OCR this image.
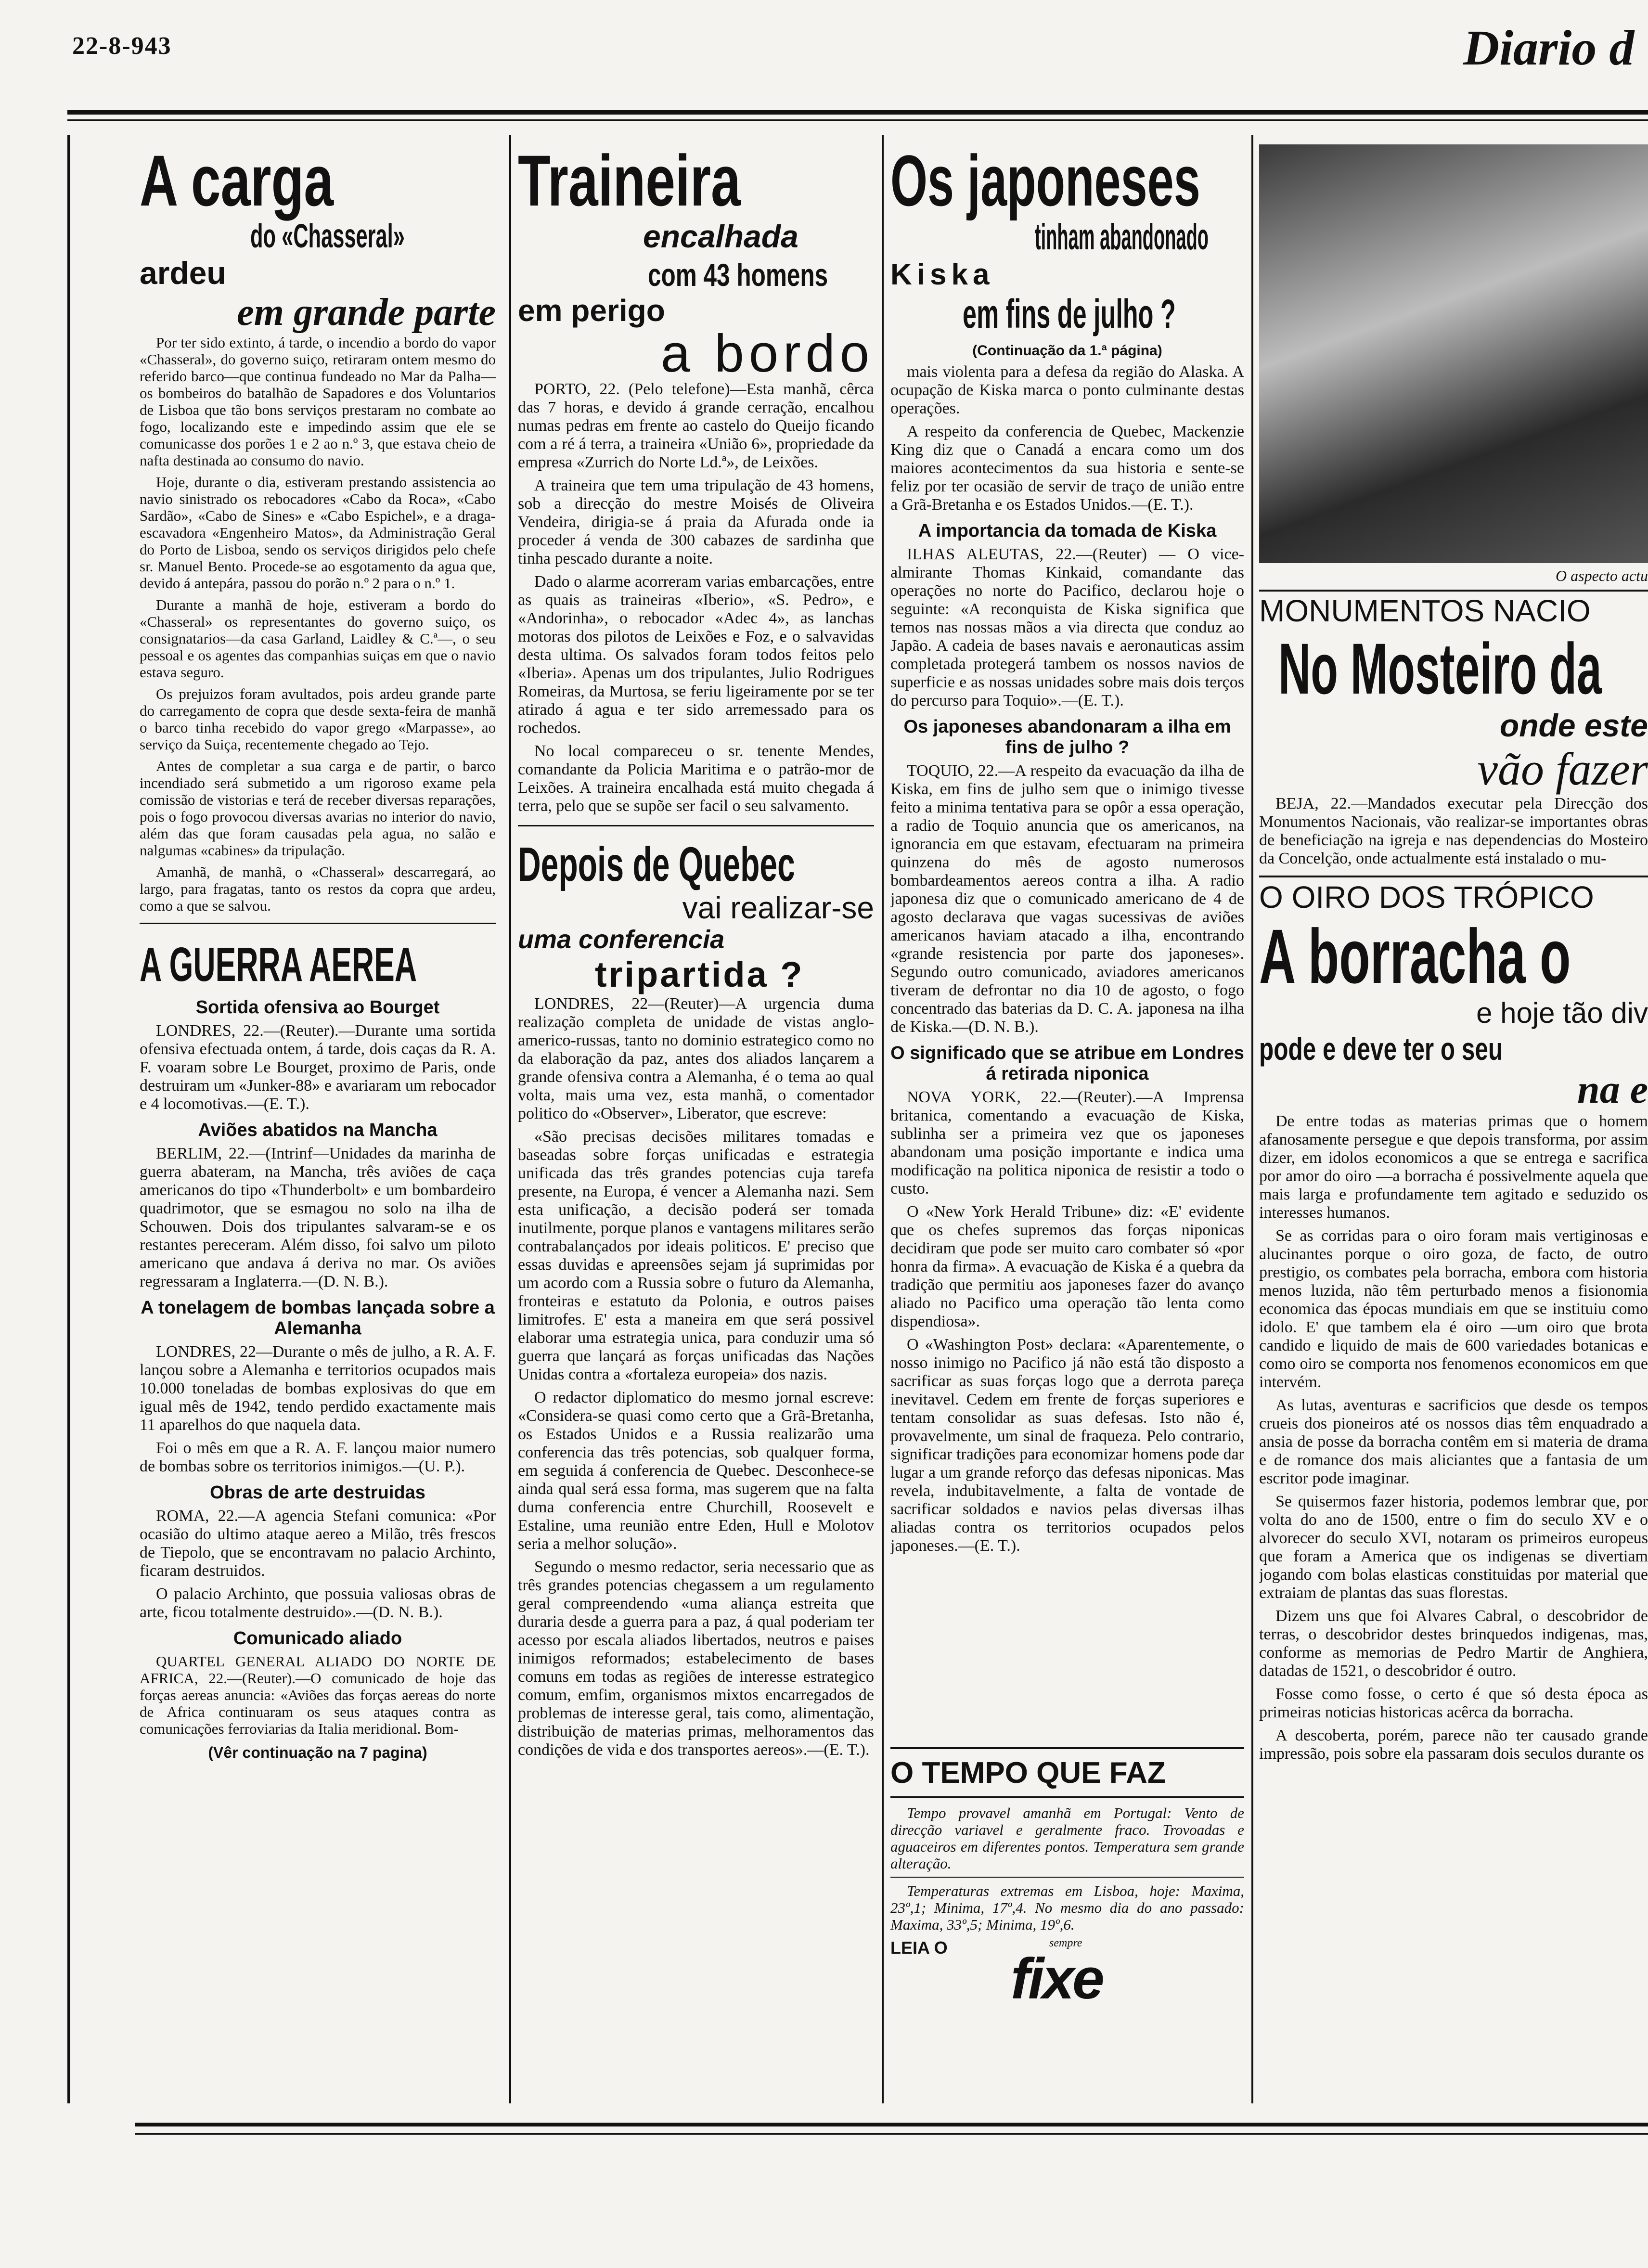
22-8-943	Diario d
A carga
do «Chasseral»
ardeu
em grande parte

Por ter sido extinto, á tarde, o incendio a bordo do vapor «Chasseral», do governo suiço, retiraram ontem mesmo do referido barco—que continua fundeado no Mar da Palha—os bombeiros do batalhão de Sapadores e dos Voluntarios de Lisboa que tão bons serviços prestaram no combate ao fogo, localizando este e impedindo assim que ele se comunicasse dos porões 1 e 2 ao n.º 3, que estava cheio de nafta destinada ao consumo do navio.

Hoje, durante o dia, estiveram prestando assistencia ao navio sinistrado os rebocadores «Cabo da Roca», «Cabo Sardão», «Cabo de Sines» e «Cabo Espichel», e a draga-escavadora «Engenheiro Matos», da Administração Geral do Porto de Lisboa, sendo os serviços dirigidos pelo chefe sr. Manuel Bento. Procede-se ao esgotamento da agua que, devido á antepára, passou do porão n.º 2 para o n.º 1.

Durante a manhã de hoje, estiveram a bordo do «Chasseral» os representantes do governo suiço, os consignatarios—da casa Garland, Laidley & C.ª—, o seu pessoal e os agentes das companhias suiças em que o navio estava seguro.

Os prejuizos foram avultados, pois ardeu grande parte do carregamento de copra que desde sexta-feira de manhã o barco tinha recebido do vapor grego «Marpasse», ao serviço da Suiça, recentemente chegado ao Tejo.

Antes de completar a sua carga e de partir, o barco incendiado será submetido a um rigoroso exame pela comissão de vistorias e terá de receber diversas reparações, pois o fogo provocou diversas avarias no interior do navio, além das que foram causadas pela agua, no salão e nalgumas «cabines» da tripulação.

Amanhã, de manhã, o «Chasseral» descarregará, ao largo, para fragatas, tanto os restos da copra que ardeu, como a que se salvou.

A GUERRA AEREA
Sortida ofensiva ao Bourget

LONDRES, 22.—(Reuter).—Durante uma sortida ofensiva efectuada ontem, á tarde, dois caças da R. A. F. voaram sobre Le Bourget, proximo de Paris, onde destruiram um «Junker-88» e avariaram um rebocador e 4 locomotivas.—(E. T.).

Aviões abatidos na Mancha

BERLIM, 22.—(Intrinf—Unidades da marinha de guerra abateram, na Mancha, três aviões de caça americanos do tipo «Thunderbolt» e um bombardeiro quadrimotor, que se esmagou no solo na ilha de Schouwen. Dois dos tripulantes salvaram-se e os restantes pereceram. Além disso, foi salvo um piloto americano que andava á deriva no mar. Os aviões regressaram a Inglaterra.—(D. N. B.).

A tonelagem de bombas lançada sobre a Alemanha

LONDRES, 22—Durante o mês de julho, a R. A. F. lançou sobre a Alemanha e territorios ocupados mais 10.000 toneladas de bombas explosivas do que em igual mês de 1942, tendo perdido exactamente mais 11 aparelhos do que naquela data.

Foi o mês em que a R. A. F. lançou maior numero de bombas sobre os territorios inimigos.—(U. P.).

Obras de arte destruidas

ROMA, 22.—A agencia Stefani comunica: «Por ocasião do ultimo ataque aereo a Milão, três frescos de Tiepolo, que se encontravam no palacio Archinto, ficaram destruidos.

O palacio Archinto, que possuia valiosas obras de arte, ficou totalmente destruido».—(D. N. B.).

Comunicado aliado

QUARTEL GENERAL ALIADO DO NORTE DE AFRICA, 22.—(Reuter).—O comunicado de hoje das forças aereas anuncia: «Aviões das forças aereas do norte de Africa continuaram os seus ataques contra as comunicações ferroviarias da Italia meridional. Bom-

(Vêr continuação na 7 pagina)
Traineira
encalhada
com 43 homens
em perigo
a bordo

PORTO, 22. (Pelo telefone)—Esta manhã, cêrca das 7 horas, e devido á grande cerração, encalhou numas pedras em frente ao castelo do Queijo ficando com a ré á terra, a traineira «União 6», propriedade da empresa «Zurrich do Norte Ld.ª», de Leixões.

A traineira que tem uma tripulação de 43 homens, sob a direcção do mestre Moisés de Oliveira Vendeira, dirigia-se á praia da Afurada onde ia proceder á venda de 300 cabazes de sardinha que tinha pescado durante a noite.

Dado o alarme acorreram varias embarcações, entre as quais as traineiras «Iberio», «S. Pedro», e «Andorinha», o rebocador «Adec 4», as lanchas motoras dos pilotos de Leixões e Foz, e o salvavidas desta ultima. Os salvados foram todos feitos pelo «Iberia». Apenas um dos tripulantes, Julio Rodrigues Romeiras, da Murtosa, se feriu ligeiramente por se ter atirado á agua e ter sido arremessado para os rochedos.

No local compareceu o sr. tenente Mendes, comandante da Policia Maritima e o patrão-mor de Leixões. A traineira encalhada está muito chegada á terra, pelo que se supõe ser facil o seu salvamento.

Depois de Quebec
vai realizar-se
uma conferencia
tripartida ?

LONDRES, 22—(Reuter)—A urgencia duma realização completa de unidade de vistas anglo-americo-russas, tanto no dominio estrategico como no da elaboração da paz, antes dos aliados lançarem a grande ofensiva contra a Alemanha, é o tema ao qual volta, mais uma vez, esta manhã, o comentador politico do «Observer», Liberator, que escreve:

«São precisas decisões militares tomadas e baseadas sobre forças unificadas e estrategia unificada das três grandes potencias cuja tarefa presente, na Europa, é vencer a Alemanha nazi. Sem esta unificação, a decisão poderá ser tomada inutilmente, porque planos e vantagens militares serão contrabalançados por ideais politicos. E' preciso que essas duvidas e apreensões sejam já suprimidas por um acordo com a Russia sobre o futuro da Alemanha, fronteiras e estatuto da Polonia, e outros paises limitrofes. E' esta a maneira em que será possivel elaborar uma estrategia unica, para conduzir uma só guerra que lançará as forças unificadas das Nações Unidas contra a «fortaleza europeia» dos nazis.

O redactor diplomatico do mesmo jornal escreve: «Considera-se quasi como certo que a Grã-Bretanha, os Estados Unidos e a Russia realizarão uma conferencia das três potencias, sob qualquer forma, em seguida á conferencia de Quebec. Desconhece-se ainda qual será essa forma, mas sugerem que na falta duma conferencia entre Churchill, Roosevelt e Estaline, uma reunião entre Eden, Hull e Molotov seria a melhor solução».

Segundo o mesmo redactor, seria necessario que as três grandes potencias chegassem a um regulamento geral compreendendo «uma aliança estreita que duraria desde a guerra para a paz, á qual poderiam ter acesso por escala aliados libertados, neutros e paises inimigos reformados; estabelecimento de bases comuns em todas as regiões de interesse estrategico comum, emfim, organismos mixtos encarregados de problemas de interesse geral, tais como, alimentação, distribuição de materias primas, melhoramentos das condições de vida e dos transportes aereos».—(E. T.).

Os japoneses
tinham abandonado
Kiska
em fins de julho ?
(Continuação da 1.ª página)

mais violenta para a defesa da região do Alaska. A ocupação de Kiska marca o ponto culminante destas operações.

A respeito da conferencia de Quebec, Mackenzie King diz que o Canadá a encara como um dos maiores acontecimentos da sua historia e sente-se feliz por ter ocasião de servir de traço de união entre a Grã-Bretanha e os Estados Unidos.—(E. T.).

A importancia da tomada de Kiska

ILHAS ALEUTAS, 22.—(Reuter) — O vice-almirante Thomas Kinkaid, comandante das operações no norte do Pacifico, declarou hoje o seguinte: «A reconquista de Kiska significa que temos nas nossas mãos a via directa que conduz ao Japão. A cadeia de bases navais e aeronauticas assim completada protegerá tambem os nossos navios de superficie e as nossas unidades sobre mais dois terços do percurso para Toquio».—(E. T.).

Os japoneses abandonaram a ilha em fins de julho ?

TOQUIO, 22.—A respeito da evacuação da ilha de Kiska, em fins de julho sem que o inimigo tivesse feito a minima tentativa para se opôr a essa operação, a radio de Toquio anuncia que os americanos, na ignorancia em que estavam, efectuaram na primeira quinzena do mês de agosto numerosos bombardeamentos aereos contra a ilha. A radio japonesa diz que o comunicado americano de 4 de agosto declarava que vagas sucessivas de aviões americanos haviam atacado a ilha, encontrando «grande resistencia por parte dos japoneses». Segundo outro comunicado, aviadores americanos tiveram de defrontar no dia 10 de agosto, o fogo concentrado das baterias da D. C. A. japonesa na ilha de Kiska.—(D. N. B.).

O significado que se atribue em Londres á retirada niponica

NOVA YORK, 22.—(Reuter).—A Imprensa britanica, comentando a evacuação de Kiska, sublinha ser a primeira vez que os japoneses abandonam uma posição importante e indica uma modificação na politica niponica de resistir a todo o custo.

O «New York Herald Tribune» diz: «E' evidente que os chefes supremos das forças niponicas decidiram que pode ser muito caro combater só «por honra da firma». A evacuação de Kiska é a quebra da tradição que permitiu aos japoneses fazer do avanço aliado no Pacifico uma operação tão lenta como dispendiosa».

O «Washington Post» declara: «Aparentemente, o nosso inimigo no Pacifico já não está tão disposto a sacrificar as suas forças logo que a derrota pareça inevitavel. Cedem em frente de forças superiores e tentam consolidar as suas defesas. Isto não é, provavelmente, um sinal de fraqueza. Pelo contrario, significar tradições para economizar homens pode dar lugar a um grande reforço das defesas niponicas. Mas revela, indubitavelmente, a falta de vontade de sacrificar soldados e navios pelas diversas ilhas aliadas contra os territorios ocupados pelos japoneses.—(E. T.).

O TEMPO QUE FAZ

Tempo provavel amanhã em Portugal: Vento de direcção variavel e geralmente fraco. Trovoadas e aguaceiros em diferentes pontos. Temperatura sem grande alteração.

Temperaturas extremas em Lisboa, hoje: Maxima, 23º,1; Minima, 17º,4. No mesmo dia do ano passado: Maxima, 33º,5; Minima, 19º,6.

LEIA O	sempre
fixe
O aspecto actu
MONUMENTOS NACIO
No Mosteiro da
onde este
vão fazer

BEJA, 22.—Mandados executar pela Direcção dos Monumentos Nacionais, vão realizar-se importantes obras de beneficiação na igreja e nas dependencias do Mosteiro da Concelção, onde actualmente está instalado o mu-

O OIRO DOS TRÓPICO
A borracha o
e hoje tão div
pode e deve ter o seu
na e

De entre todas as materias primas que o homem afanosamente persegue e que depois transforma, por assim dizer, em idolos economicos a que se entrega e sacrifica por amor do oiro —a borracha é possivelmente aquela que mais larga e profundamente tem agitado e seduzido os interesses humanos.

Se as corridas para o oiro foram mais vertiginosas e alucinantes porque o oiro goza, de facto, de outro prestigio, os combates pela borracha, embora com historia menos luzida, não têm perturbado menos a fisionomia economica das épocas mundiais em que se instituiu como idolo. E' que tambem ela é oiro —um oiro que brota candido e liquido de mais de 600 variedades botanicas e como oiro se comporta nos fenomenos economicos em que intervém.

As lutas, aventuras e sacrificios que desde os tempos crueis dos pioneiros até os nossos dias têm enquadrado a ansia de posse da borracha contêm em si materia de drama e de romance dos mais aliciantes que a fantasia de um escritor pode imaginar.

Se quisermos fazer historia, podemos lembrar que, por volta do ano de 1500, entre o fim do seculo XV e o alvorecer do seculo XVI, notaram os primeiros europeus que foram a America que os indigenas se divertiam jogando com bolas elasticas constituidas por material que extraiam de plantas das suas florestas.

Dizem uns que foi Alvares Cabral, o descobridor de terras, o descobridor destes brinquedos indigenas, mas, conforme as memorias de Pedro Martir de Anghiera, datadas de 1521, o descobridor é outro.

Fosse como fosse, o certo é que só desta época as primeiras noticias historicas acêrca da borracha.

A descoberta, porém, parece não ter causado grande impressão, pois sobre ela passaram dois seculos durante os
